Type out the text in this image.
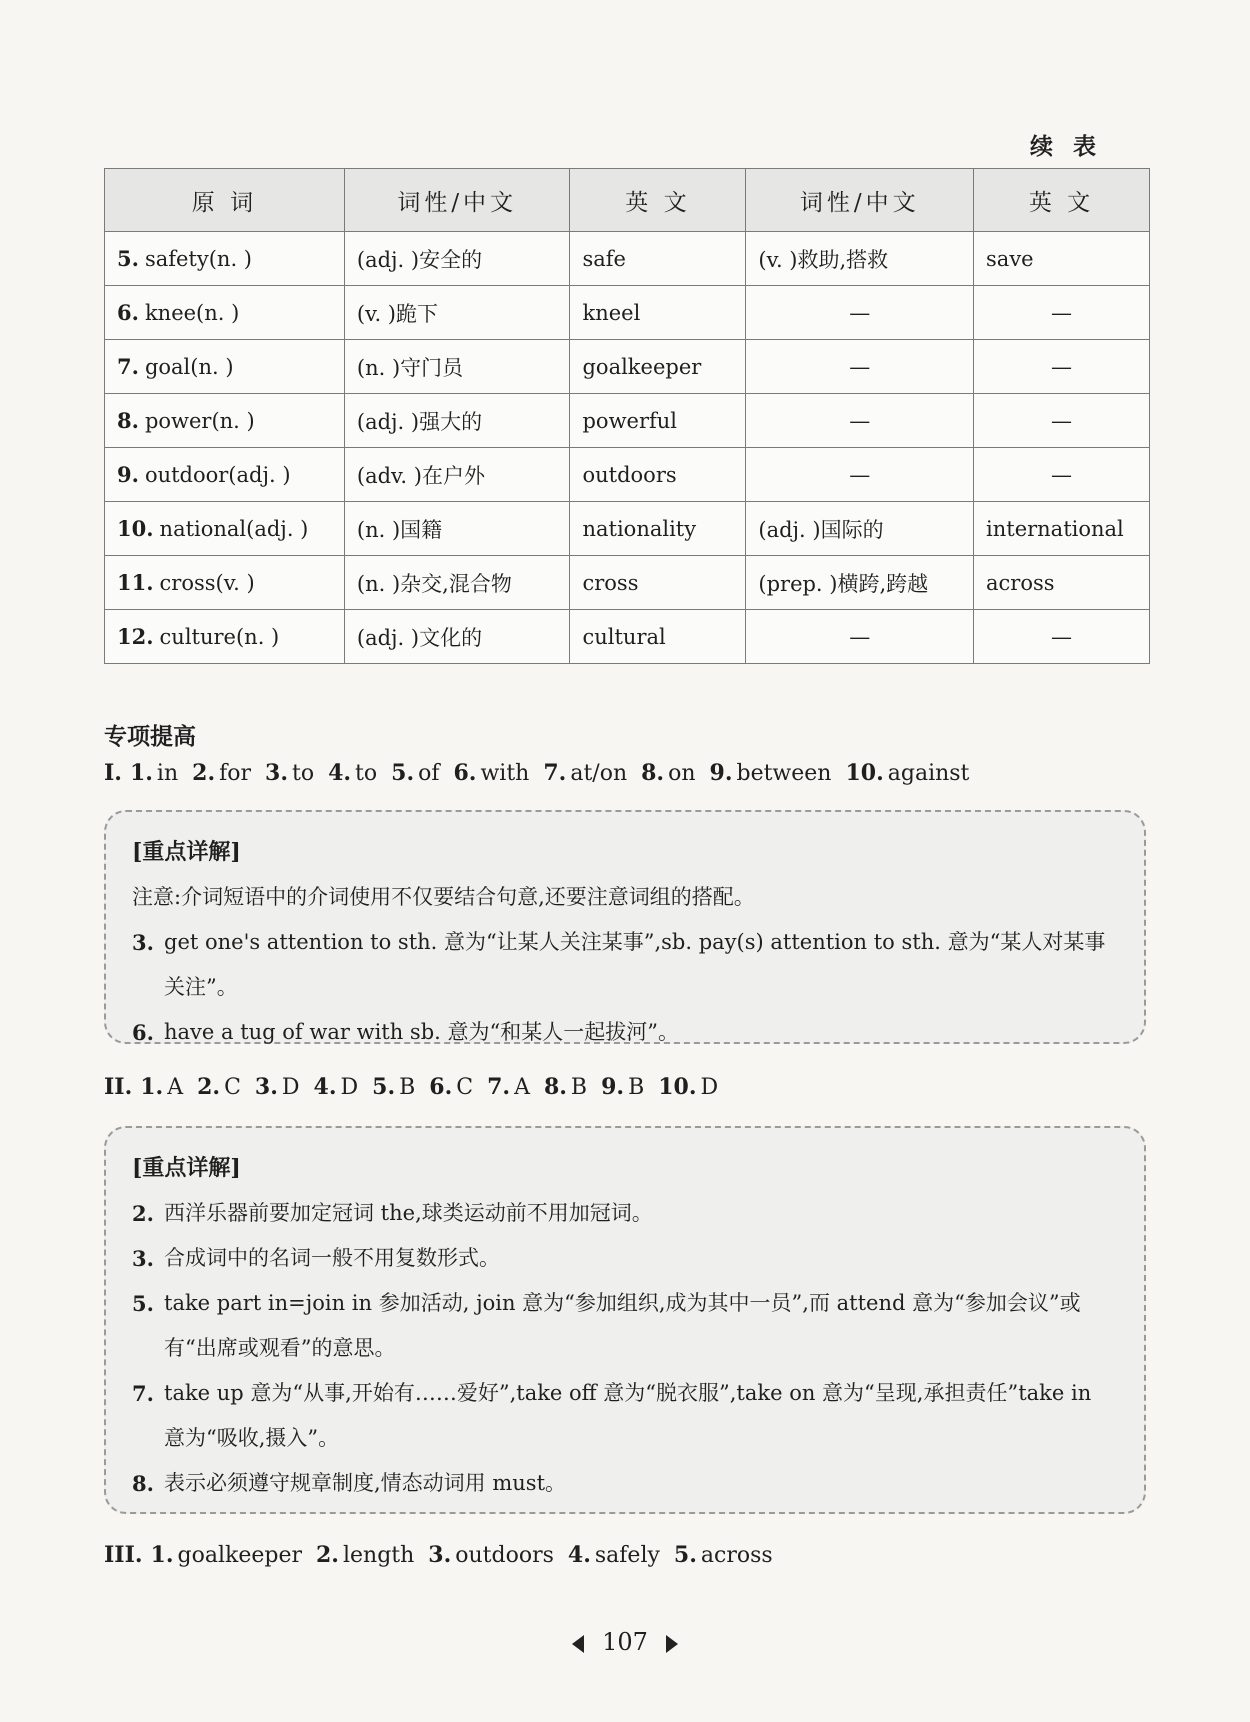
续 表
原 词	词性/中文	英 文	词性/中文	英 文
5. safety(n. )	(adj. )安全的	safe	(v. )救助,搭救	save
6. knee(n. )	(v. )跪下	kneel	—	—
7. goal(n. )	(n. )守门员	goalkeeper	—	—
8. power(n. )	(adj. )强大的	powerful	—	—
9. outdoor(adj. )	(adv. )在户外	outdoors	—	—
10. national(adj. )	(n. )国籍	nationality	(adj. )国际的	international
11. cross(v. )	(n. )杂交,混合物	cross	(prep. )横跨,跨越	across
12. culture(n. )	(adj. )文化的	cultural	—	—
专项提高
I. 1. in 2. for 3. to 4. to 5. of 6. with 7. at/on 8. on 9. between 10. against
[重点详解]
注意:介词短语中的介词使用不仅要结合句意,还要注意词组的搭配。
3. get one's attention to sth. 意为“让某人关注某事”,sb. pay(s) attention to sth. 意为“某人对某事关注”。
6. have a tug of war with sb. 意为“和某人一起拔河”。
II. 1. A 2. C 3. D 4. D 5. B 6. C 7. A 8. B 9. B 10. D
[重点详解]
2. 西洋乐器前要加定冠词 the,球类运动前不用加冠词。
3. 合成词中的名词一般不用复数形式。
5. take part in=join in 参加活动, join 意为“参加组织,成为其中一员”,而 attend 意为“参加会议”或有“出席或观看”的意思。
7. take up 意为“从事,开始有……爱好”,take off 意为“脱衣服”,take on 意为“呈现,承担责任”take in 意为“吸收,摄入”。
8. 表示必须遵守规章制度,情态动词用 must。
III. 1. goalkeeper 2. length 3. outdoors 4. safely 5. across
107
